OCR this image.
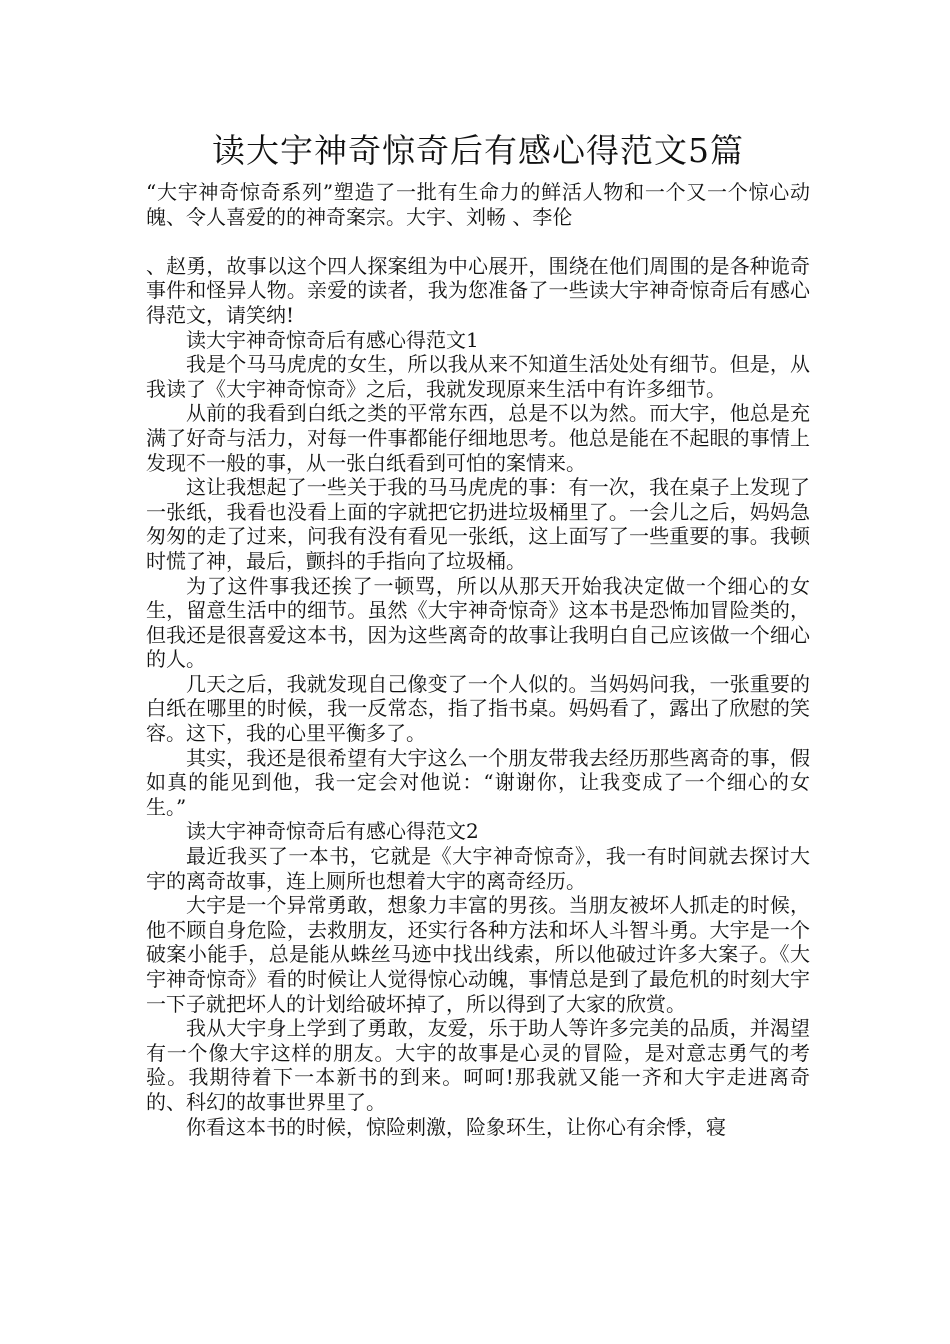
读大宇神奇惊奇后有感心得范文5篇

“大宇神奇惊奇系列”塑造了一批有生命力的鲜活人物和一个又一个惊心动魄、令人喜爱的的神奇案宗。大宇、刘畅 、李伦

、赵勇，故事以这个四人探案组为中心展开，围绕在他们周围的是各种诡奇事件和怪异人物。亲爱的读者，我为您准备了一些读大宇神奇惊奇后有感心得范文，请笑纳!

读大宇神奇惊奇后有感心得范文1

我是个马马虎虎的女生，所以我从来不知道生活处处有细节。但是，从我读了《大宇神奇惊奇》之后，我就发现原来生活中有许多细节。

从前的我看到白纸之类的平常东西，总是不以为然。而大宇，他总是充满了好奇与活力，对每一件事都能仔细地思考。他总是能在不起眼的事情上发现不一般的事，从一张白纸看到可怕的案情来。

这让我想起了一些关于我的马马虎虎的事：有一次，我在桌子上发现了一张纸，我看也没看上面的字就把它扔进垃圾桶里了。一会儿之后，妈妈急匆匆的走了过来，问我有没有看见一张纸，这上面写了一些重要的事。我顿时慌了神，最后，颤抖的手指向了垃圾桶。

为了这件事我还挨了一顿骂，所以从那天开始我决定做一个细心的女生，留意生活中的细节。虽然《大宇神奇惊奇》这本书是恐怖加冒险类的，但我还是很喜爱这本书，因为这些离奇的故事让我明白自己应该做一个细心的人。

几天之后，我就发现自己像变了一个人似的。当妈妈问我，一张重要的白纸在哪里的时候，我一反常态，指了指书桌。妈妈看了，露出了欣慰的笑容。这下，我的心里平衡多了。

其实，我还是很希望有大宇这么一个朋友带我去经历那些离奇的事，假如真的能见到他，我一定会对他说：“谢谢你，让我变成了一个细心的女生。”

读大宇神奇惊奇后有感心得范文2

最近我买了一本书，它就是《大宇神奇惊奇》，我一有时间就去探讨大宇的离奇故事，连上厕所也想着大宇的离奇经历。

大宇是一个异常勇敢，想象力丰富的男孩。当朋友被坏人抓走的时候，他不顾自身危险，去救朋友，还实行各种方法和坏人斗智斗勇。大宇是一个破案小能手，总是能从蛛丝马迹中找出线索，所以他破过许多大案子。《大宇神奇惊奇》看的时候让人觉得惊心动魄，事情总是到了最危机的时刻大宇一下子就把坏人的计划给破坏掉了，所以得到了大家的欣赏。

我从大宇身上学到了勇敢，友爱，乐于助人等许多完美的品质，并渴望有一个像大宇这样的朋友。大宇的故事是心灵的冒险，是对意志勇气的考验。我期待着下一本新书的到来。呵呵!那我就又能一齐和大宇走进离奇的、科幻的故事世界里了。

你看这本书的时候，惊险刺激，险象环生，让你心有余悸，寝
